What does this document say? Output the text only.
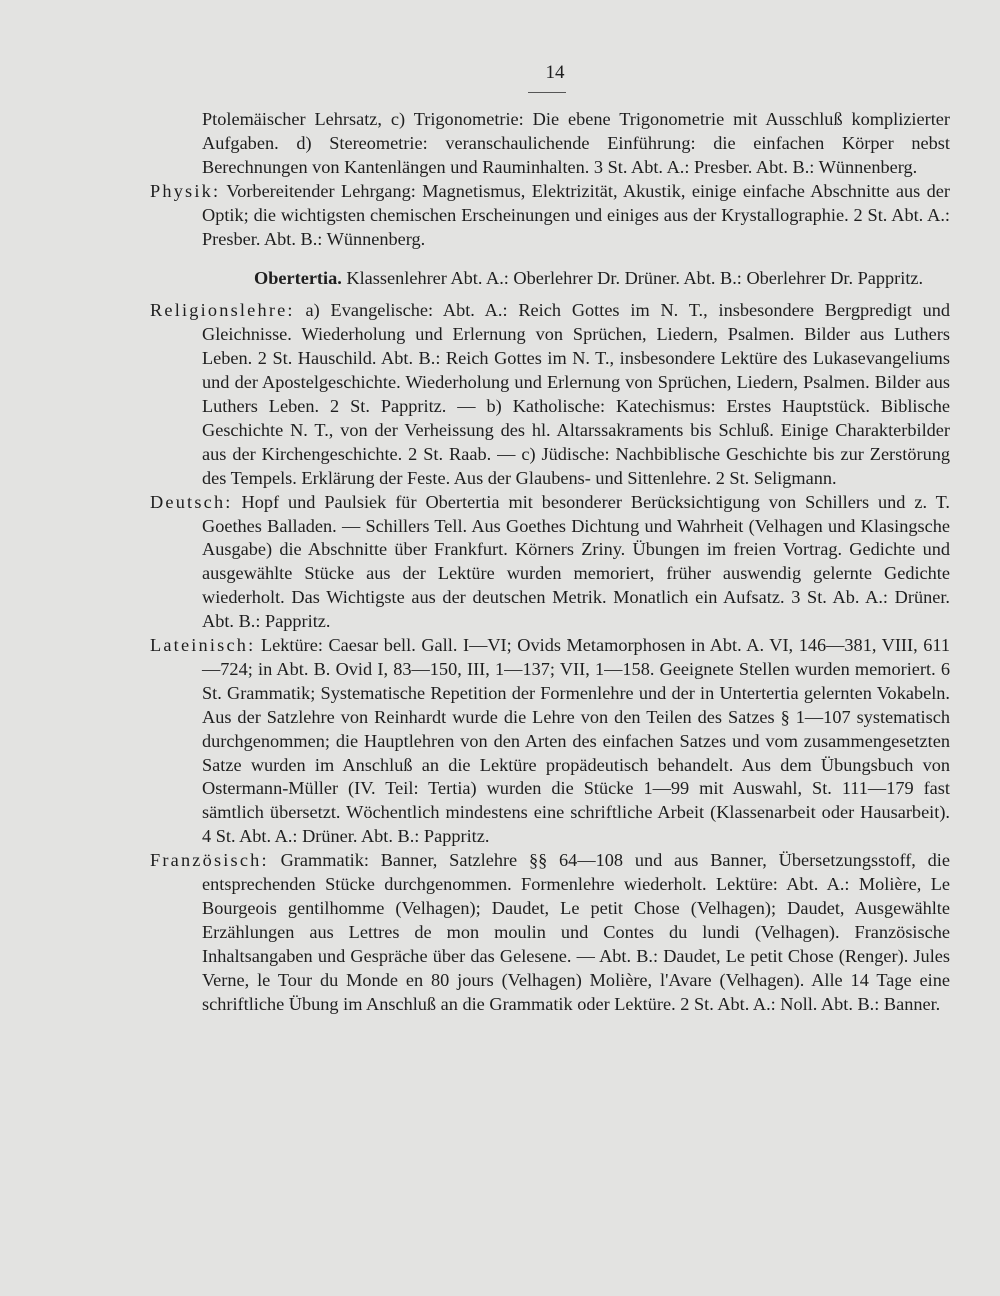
14

Ptolemäischer Lehrsatz, c) Trigonometrie: Die ebene Trigonometrie mit Ausschluß komplizierter Aufgaben. d) Stereometrie: veranschaulichende Einführung: die einfachen Körper nebst Berechnungen von Kantenlängen und Rauminhalten. 3 St. Abt. A.: Presber. Abt. B.: Wünnenberg.

Physik: Vorbereitender Lehrgang: Magnetismus, Elektrizität, Akustik, einige einfache Abschnitte aus der Optik; die wichtigsten chemischen Erscheinungen und einiges aus der Krystallographie. 2 St. Abt. A.: Presber. Abt. B.: Wünnenberg.

Obertertia. Klassenlehrer Abt. A.: Oberlehrer Dr. Drüner. Abt. B.: Oberlehrer Dr. Pappritz.

Religionslehre: a) Evangelische: Abt. A.: Reich Gottes im N. T., insbesondere Bergpredigt und Gleichnisse. Wiederholung und Erlernung von Sprüchen, Liedern, Psalmen. Bilder aus Luthers Leben. 2 St. Hauschild. Abt. B.: Reich Gottes im N. T., insbesondere Lektüre des Lukasevangeliums und der Apostelgeschichte. Wiederholung und Erlernung von Sprüchen, Liedern, Psalmen. Bilder aus Luthers Leben. 2 St. Pappritz. — b) Katholische: Katechismus: Erstes Hauptstück. Biblische Geschichte N. T., von der Verheissung des hl. Altarssakraments bis Schluß. Einige Charakterbilder aus der Kirchengeschichte. 2 St. Raab. — c) Jüdische: Nachbiblische Geschichte bis zur Zerstörung des Tempels. Erklärung der Feste. Aus der Glaubens- und Sittenlehre. 2 St. Seligmann.

Deutsch: Hopf und Paulsiek für Obertertia mit besonderer Berücksichtigung von Schillers und z. T. Goethes Balladen. — Schillers Tell. Aus Goethes Dichtung und Wahrheit (Velhagen und Klasingsche Ausgabe) die Abschnitte über Frankfurt. Körners Zriny. Übungen im freien Vortrag. Gedichte und ausgewählte Stücke aus der Lektüre wurden memoriert, früher auswendig gelernte Gedichte wiederholt. Das Wichtigste aus der deutschen Metrik. Monatlich ein Aufsatz. 3 St. Ab. A.: Drüner. Abt. B.: Pappritz.

Lateinisch: Lektüre: Caesar bell. Gall. I—VI; Ovids Metamorphosen in Abt. A. VI, 146—381, VIII, 611—724; in Abt. B. Ovid I, 83—150, III, 1—137; VII, 1—158. Geeignete Stellen wurden memoriert. 6 St. Grammatik; Systematische Repetition der Formenlehre und der in Untertertia gelernten Vokabeln. Aus der Satzlehre von Reinhardt wurde die Lehre von den Teilen des Satzes § 1—107 systematisch durchgenommen; die Hauptlehren von den Arten des einfachen Satzes und vom zusammengesetzten Satze wurden im Anschluß an die Lektüre propädeutisch behandelt. Aus dem Übungsbuch von Ostermann-Müller (IV. Teil: Tertia) wurden die Stücke 1—99 mit Auswahl, St. 111—179 fast sämtlich übersetzt. Wöchentlich mindestens eine schriftliche Arbeit (Klassenarbeit oder Hausarbeit). 4 St. Abt. A.: Drüner. Abt. B.: Pappritz.

Französisch: Grammatik: Banner, Satzlehre §§ 64—108 und aus Banner, Übersetzungsstoff, die entsprechenden Stücke durchgenommen. Formenlehre wiederholt. Lektüre: Abt. A.: Molière, Le Bourgeois gentilhomme (Velhagen); Daudet, Le petit Chose (Velhagen); Daudet, Ausgewählte Erzählungen aus Lettres de mon moulin und Contes du lundi (Velhagen). Französische Inhaltsangaben und Gespräche über das Gelesene. — Abt. B.: Daudet, Le petit Chose (Renger). Jules Verne, le Tour du Monde en 80 jours (Velhagen) Molière, l'Avare (Velhagen). Alle 14 Tage eine schriftliche Übung im Anschluß an die Grammatik oder Lektüre. 2 St. Abt. A.: Noll. Abt. B.: Banner.
